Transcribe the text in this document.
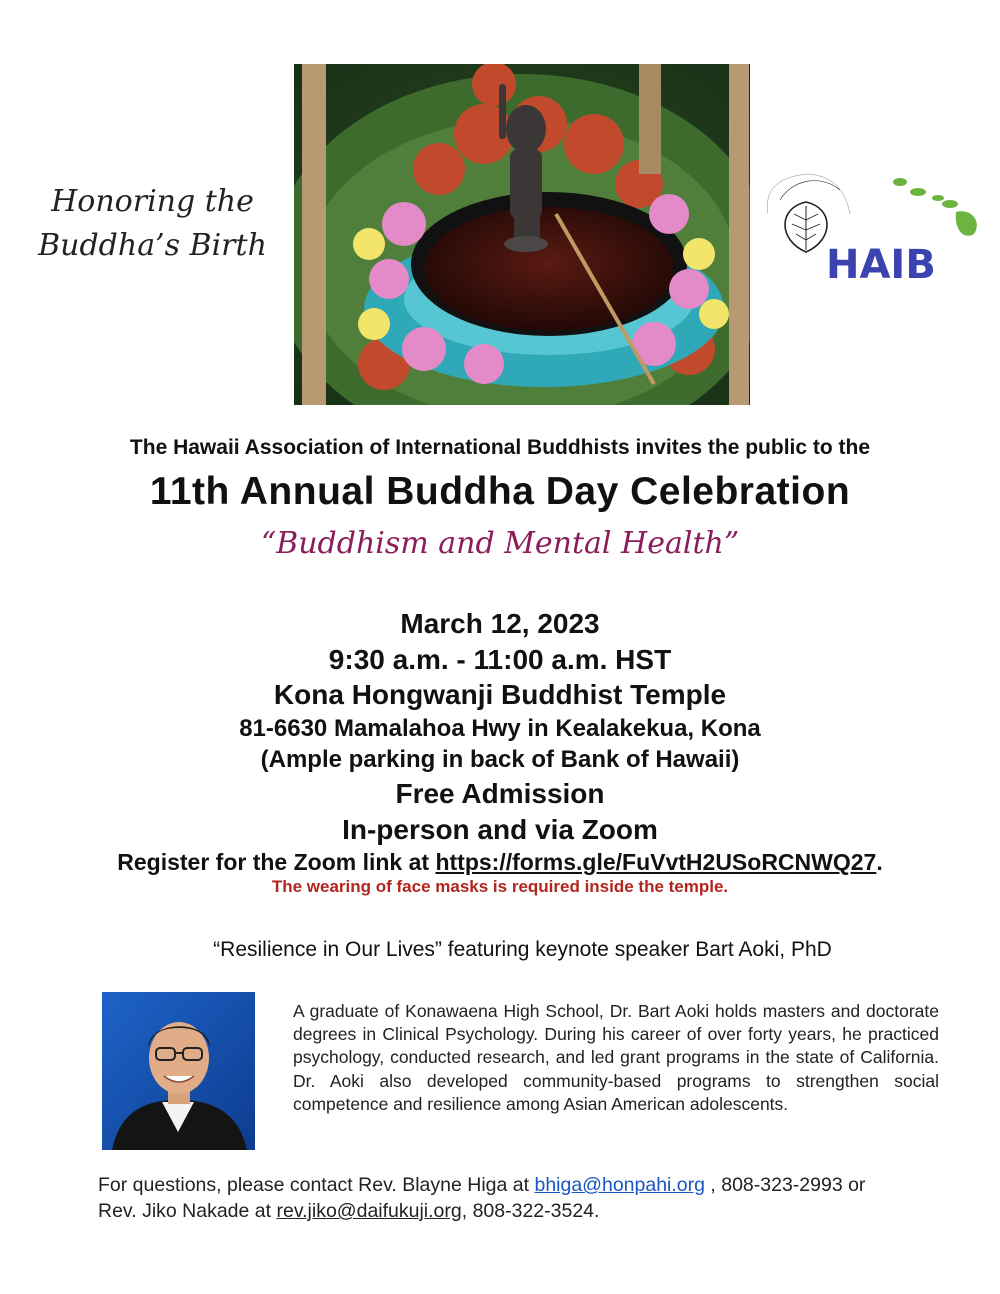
Honoring the
Buddha’s Birth	HAIB
The Hawaii Association of International Buddhists invites the public to the
11th Annual Buddha Day Celebration
“Buddhism and Mental Health”
March 12, 2023
9:30 a.m. - 11:00 a.m. HST
Kona Hongwanji Buddhist Temple
81-6630 Mamalahoa Hwy in Kealakekua, Kona
(Ample parking in back of Bank of Hawaii)
Free Admission
In-person and via Zoom
Register for the Zoom link at https://forms.gle/FuVvtH2USoRCNWQ27.
The wearing of face masks is required inside the temple.
“Resilience in Our Lives” featuring keynote speaker Bart Aoki, PhD
A graduate of Konawaena High School, Dr. Bart Aoki holds masters and doctorate degrees in Clinical Psychology. During his career of over forty years, he practiced psychology, conducted research, and led grant programs in the state of California. Dr. Aoki also developed community-based programs to strengthen social competence and resilience among Asian American adolescents.
For questions, please contact Rev. Blayne Higa at bhiga@honpahi.org , 808-323-2993 or
Rev. Jiko Nakade at rev.jiko@daifukuji.org, 808-322-3524.
